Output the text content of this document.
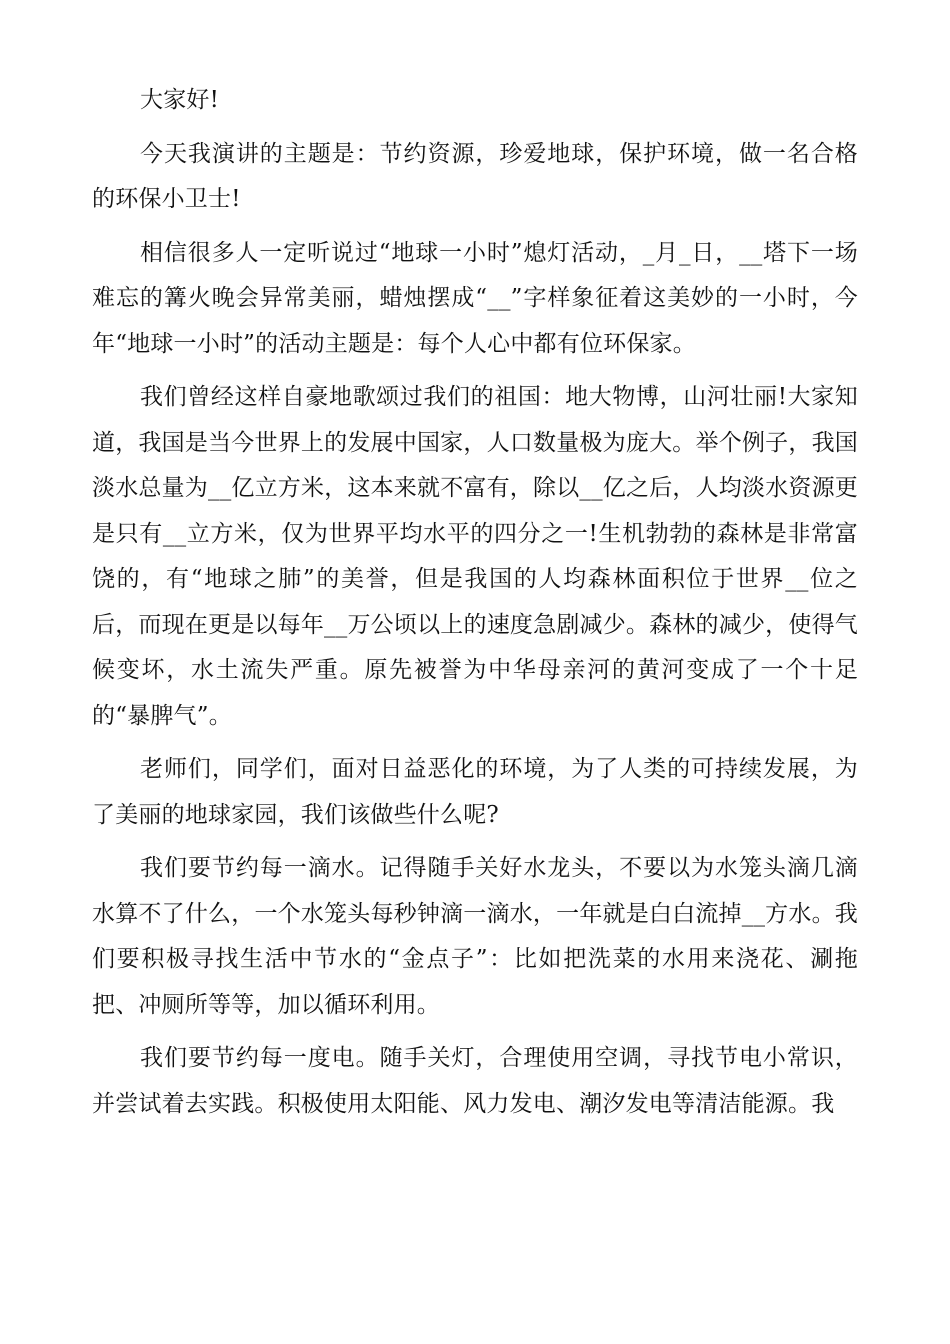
大家好!

今天我演讲的主题是：节约资源，珍爱地球，保护环境，做一名合格的环保小卫士!

相信很多人一定听说过“地球一小时”熄灯活动，_月_日，__塔下一场难忘的篝火晚会异常美丽，蜡烛摆成“__”字样象征着这美妙的一小时，今年“地球一小时”的活动主题是：每个人心中都有位环保家。

我们曾经这样自豪地歌颂过我们的祖国：地大物博，山河壮丽!大家知道，我国是当今世界上的发展中国家，人口数量极为庞大。举个例子，我国淡水总量为__亿立方米，这本来就不富有，除以__亿之后，人均淡水资源更是只有__立方米，仅为世界平均水平的四分之一!生机勃勃的森林是非常富饶的，有“地球之肺”的美誉，但是我国的人均森林面积位于世界__位之后，而现在更是以每年__万公顷以上的速度急剧减少。森林的减少，使得气候变坏，水土流失严重。原先被誉为中华母亲河的黄河变成了一个十足的“暴脾气”。

老师们，同学们，面对日益恶化的环境，为了人类的可持续发展，为了美丽的地球家园，我们该做些什么呢?

我们要节约每一滴水。记得随手关好水龙头，不要以为水笼头滴几滴水算不了什么，一个水笼头每秒钟滴一滴水，一年就是白白流掉__方水。我们要积极寻找生活中节水的“金点子”：比如把洗菜的水用来浇花、涮拖把、冲厕所等等，加以循环利用。

我们要节约每一度电。随手关灯，合理使用空调，寻找节电小常识，并尝试着去实践。积极使用太阳能、风力发电、潮汐发电等清洁能源。我
